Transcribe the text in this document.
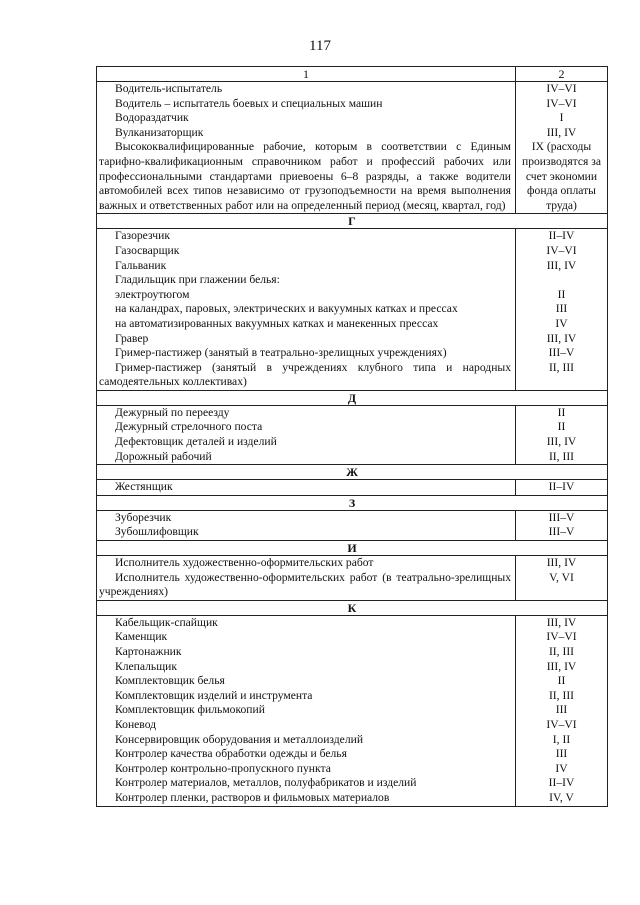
117
1	2
Водитель-испытатель	IV–VI
Водитель – испытатель боевых и специальных машин	IV–VI
Водораздатчик	I
Вулканизаторщик	III, IV
Высококвалифицированные рабочие, которым в соответствии с Единым тарифно-квалификационным справочником работ и профессий рабочих или профессиональными стандартами приевоены 6–8 разряды, а также водители автомобилей всех типов независимо от грузоподъемности на время выполнения важных и ответственных работ или на определенный период (месяц, квартал, год)	IX (расходы производятся за счет экономии фонда оплаты труда)
Г	
Газорезчик	II–IV
Газосварщик	IV–VI
Гальваник	III, IV
Гладильщик при глажении белья:	
электроутюгом	II
на каландрах, паровых, электрических и вакуумных катках и прессах	III
на автоматизированных вакуумных катках и манекенных прессах	IV
Гравер	III, IV
Гример-пастижер (занятый в театрально-зрелищных учреждениях)	III–V
Гример-пастижер (занятый в учреждениях клубного типа и народных самодеятельных коллективах)	II, III
Д	
Дежурный по переезду	II
Дежурный стрелочного поста	II
Дефектовщик деталей и изделий	III, IV
Дорожный рабочий	II, III
Ж	
Жестянщик	II–IV
З	
Зуборезчик	III–V
Зубошлифовщик	III–V
И	
Исполнитель художественно-оформительских работ	III, IV
Исполнитель художественно-оформительских работ (в театрально-зрелищных учреждениях)	V, VI
К	
Кабельщик-спайщик	III, IV
Каменщик	IV–VI
Картонажник	II, III
Клепальщик	III, IV
Комплектовщик белья	II
Комплектовщик изделий и инструмента	II, III
Комплектовщик фильмокопий	III
Коневод	IV–VI
Консервировщик оборудования и металлоизделий	I, II
Контролер качества обработки одежды и белья	III
Контролер контрольно-пропускного пункта	IV
Контролер материалов, металлов, полуфабрикатов и изделий	II–IV
Контролер пленки, растворов и фильмовых материалов	IV, V
